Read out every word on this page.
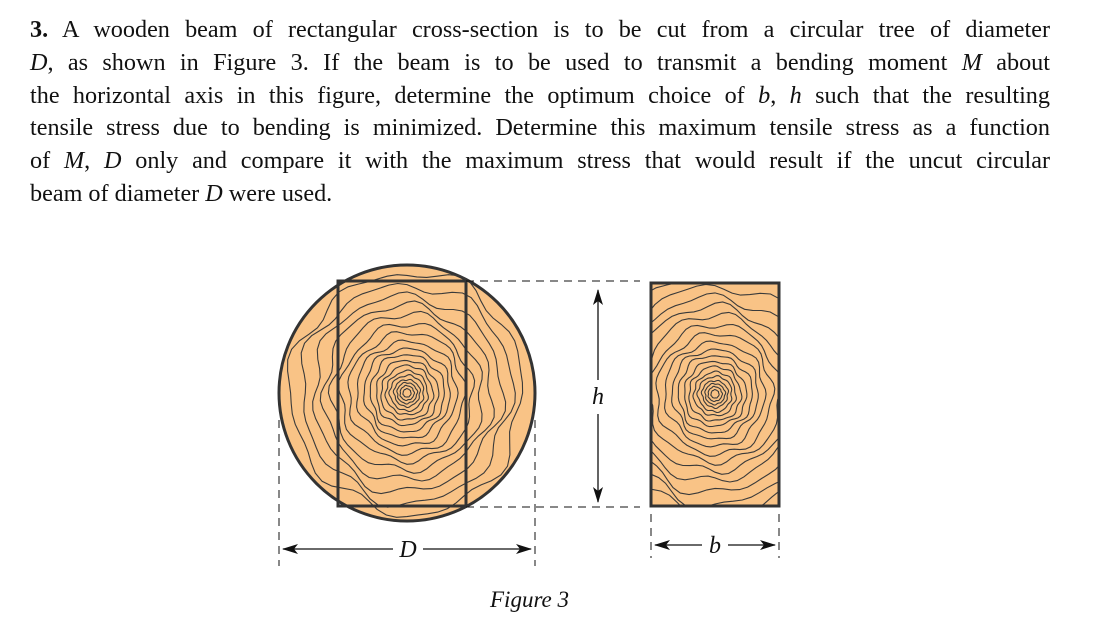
3. A wooden beam of rectangular cross-section is to be cut from a circular tree of diameter
D, as shown in Figure 3. If the beam is to be used to transmit a bending moment M about
the horizontal axis in this figure, determine the optimum choice of b, h such that the resulting
tensile stress due to bending is minimized. Determine this maximum tensile stress as a function
of M, D only and compare it with the maximum stress that would result if the uncut circular
beam of diameter D were used.

h
D	b
Figure 3
